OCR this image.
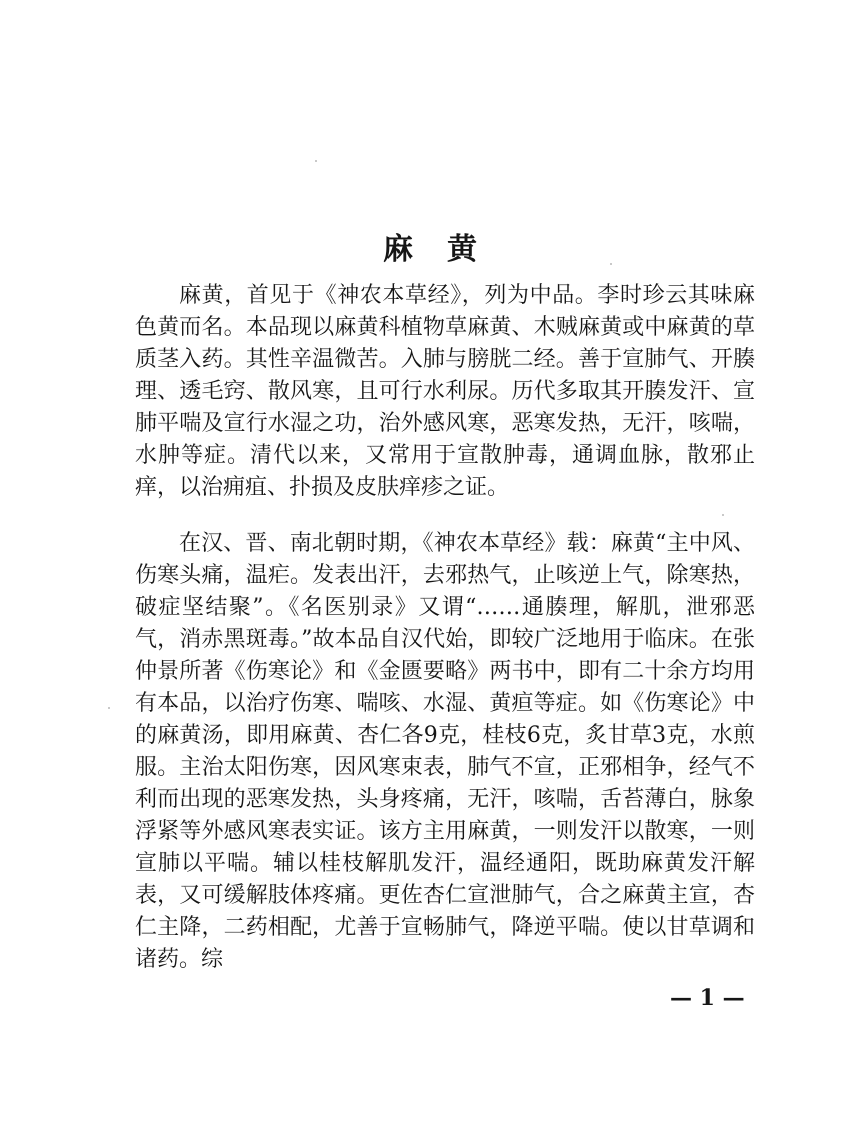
麻　黄

麻黄，首见于《神农本草经》，列为中品。李时珍云其味麻色黄而名。本品现以麻黄科植物草麻黄、木贼麻黄或中麻黄的草质茎入药。其性辛温微苦。入肺与膀胱二经。善于宣肺气、开腠理、透毛窍、散风寒，且可行水利尿。历代多取其开腠发汗、宣肺平喘及宣行水湿之功，治外感风寒，恶寒发热，无汗，咳喘，水肿等症。清代以来，又常用于宣散肿毒，通调血脉，散邪止痒，以治痈疽、扑损及皮肤痒疹之证。

在汉、晋、南北朝时期，《神农本草经》载：麻黄“主中风、伤寒头痛，温疟。发表出汗，去邪热气，止咳逆上气，除寒热，破症坚结聚”。《名医别录》又谓“……通腠理，解肌，泄邪恶气，消赤黑斑毒。”故本品自汉代始，即较广泛地用于临床。在张仲景所著《伤寒论》和《金匮要略》两书中，即有二十余方均用有本品，以治疗伤寒、喘咳、水湿、黄疸等症。如《伤寒论》中的麻黄汤，即用麻黄、杏仁各9克，桂枝6克，炙甘草3克，水煎服。主治太阳伤寒，因风寒束表，肺气不宣，正邪相争，经气不利而出现的恶寒发热，头身疼痛，无汗，咳喘，舌苔薄白，脉象浮紧等外感风寒表实证。该方主用麻黄，一则发汗以散寒，一则宣肺以平喘。辅以桂枝解肌发汗，温经通阳，既助麻黄发汗解表，又可缓解肢体疼痛。更佐杏仁宣泄肺气，合之麻黄主宣，杏仁主降，二药相配，尤善于宣畅肺气，降逆平喘。使以甘草调和诸药。综

— 1 —
